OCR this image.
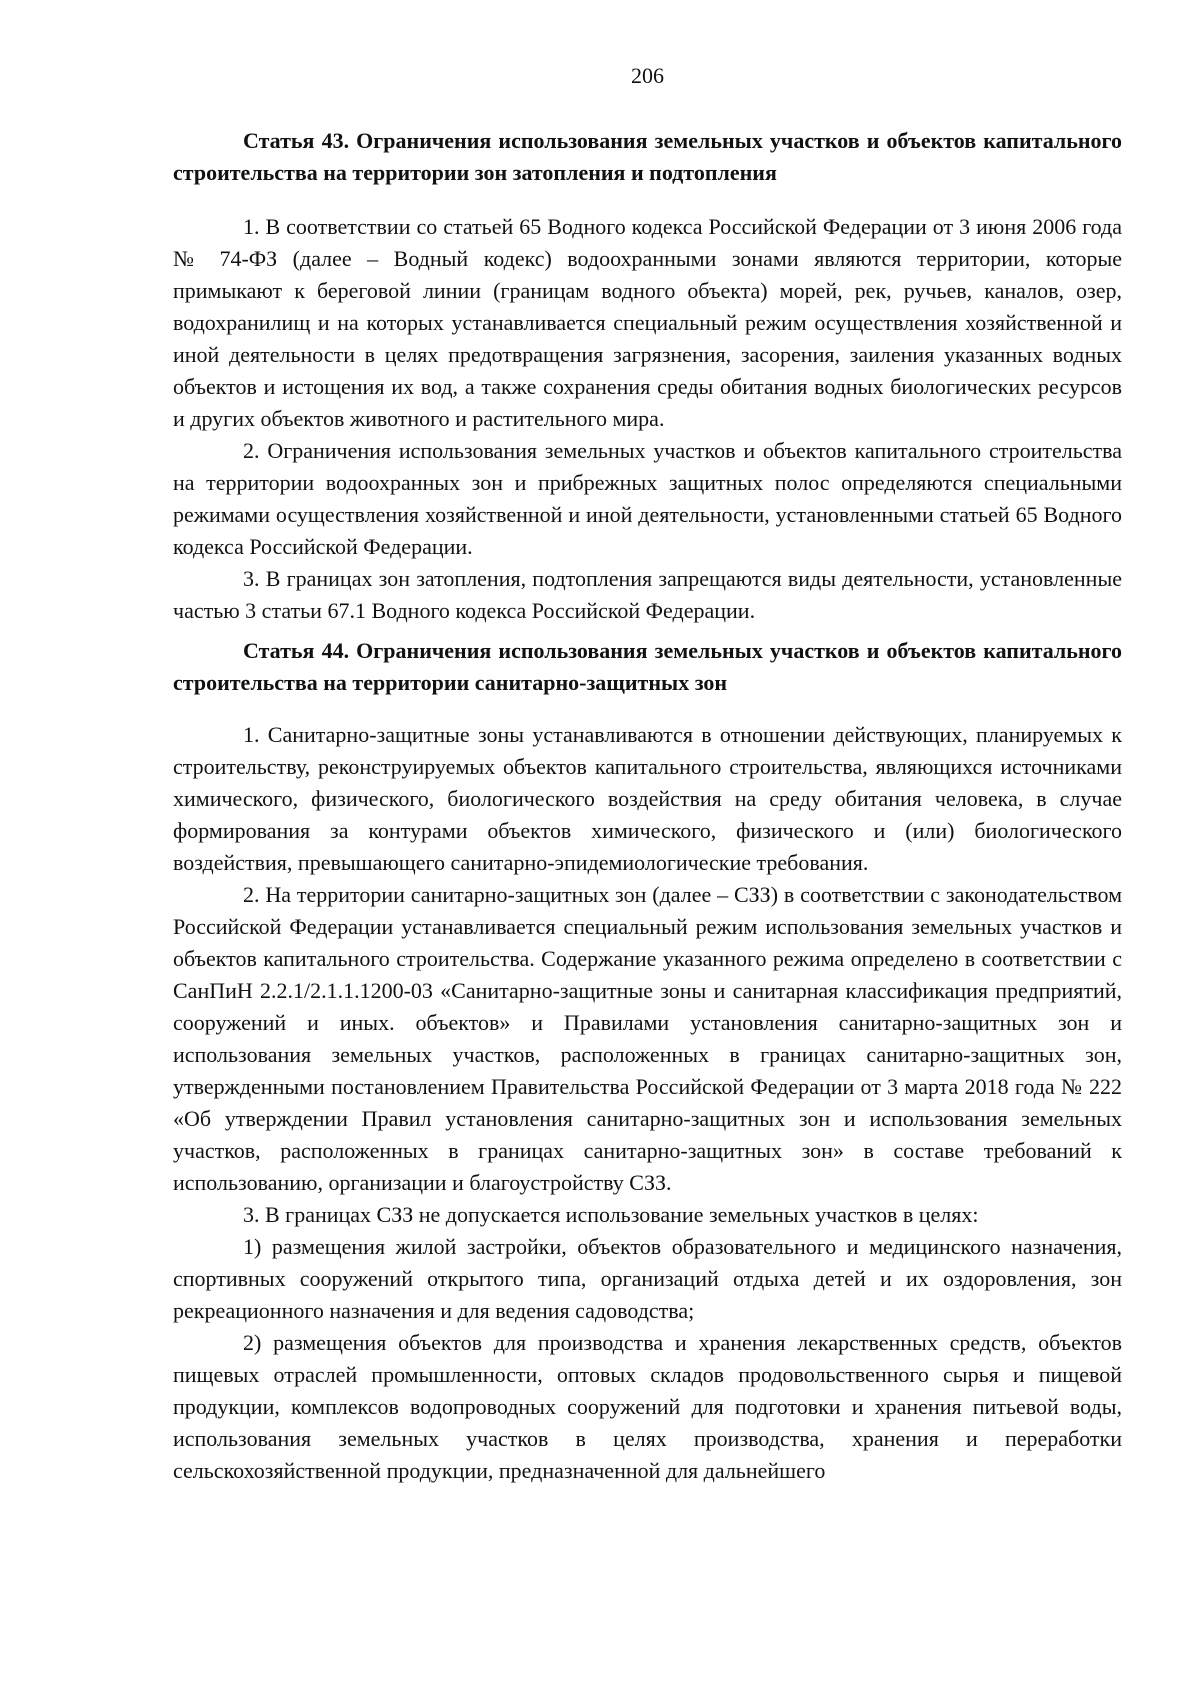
206
Статья 43. Ограничения использования земельных участков и объектов капитального строительства на территории зон затопления и подтопления

1. В соответствии со статьей 65 Водного кодекса Российской Федерации от 3 июня 2006 года № 74-ФЗ (далее – Водный кодекс) водоохранными зонами являются территории, которые примыкают к береговой линии (границам водного объекта) морей, рек, ручьев, каналов, озер, водохранилищ и на которых устанавливается специальный режим осуществления хозяйственной и иной деятельности в целях предотвращения загрязнения, засорения, заиления указанных водных объектов и истощения их вод, а также сохранения среды обитания водных биологических ресурсов и других объектов животного и растительного мира.

2. Ограничения использования земельных участков и объектов капитального строительства на территории водоохранных зон и прибрежных защитных полос определяются специальными режимами осуществления хозяйственной и иной деятельности, установленными статьей 65 Водного кодекса Российской Федерации.

3. В границах зон затопления, подтопления запрещаются виды деятельности, установленные частью 3 статьи 67.1 Водного кодекса Российской Федерации.

Статья 44. Ограничения использования земельных участков и объектов капитального строительства на территории санитарно-защитных зон

1. Санитарно-защитные зоны устанавливаются в отношении действующих, планируемых к строительству, реконструируемых объектов капитального строительства, являющихся источниками химического, физического, биологического воздействия на среду обитания человека, в случае формирования за контурами объектов химического, физического и (или) биологического воздействия, превышающего санитарно-эпидемиологические требования.

2. На территории санитарно-защитных зон (далее – СЗЗ) в соответствии с законодательством Российской Федерации устанавливается специальный режим использования земельных участков и объектов капитального строительства. Содержание указанного режима определено в соответствии с СанПиН 2.2.1/2.1.1.1200-03 «Санитарно-защитные зоны и санитарная классификация предприятий, сооружений и иных. объектов» и Правилами установления санитарно-защитных зон и использования земельных участков, расположенных в границах санитарно-защитных зон, утвержденными постановлением Правительства Российской Федерации от 3 марта 2018 года № 222 «Об утверждении Правил установления санитарно-защитных зон и использования земельных участков, расположенных в границах санитарно-защитных зон» в составе требований к использованию, организации и благоустройству СЗЗ.

3. В границах СЗЗ не допускается использование земельных участков в целях:

1) размещения жилой застройки, объектов образовательного и медицинского назначения, спортивных сооружений открытого типа, организаций отдыха детей и их оздоровления, зон рекреационного назначения и для ведения садоводства;

2) размещения объектов для производства и хранения лекарственных средств, объектов пищевых отраслей промышленности, оптовых складов продовольственного сырья и пищевой продукции, комплексов водопроводных сооружений для подготовки и хранения питьевой воды, использования земельных участков в целях производства, хранения и переработки сельскохозяйственной продукции, предназначенной для дальнейшего
